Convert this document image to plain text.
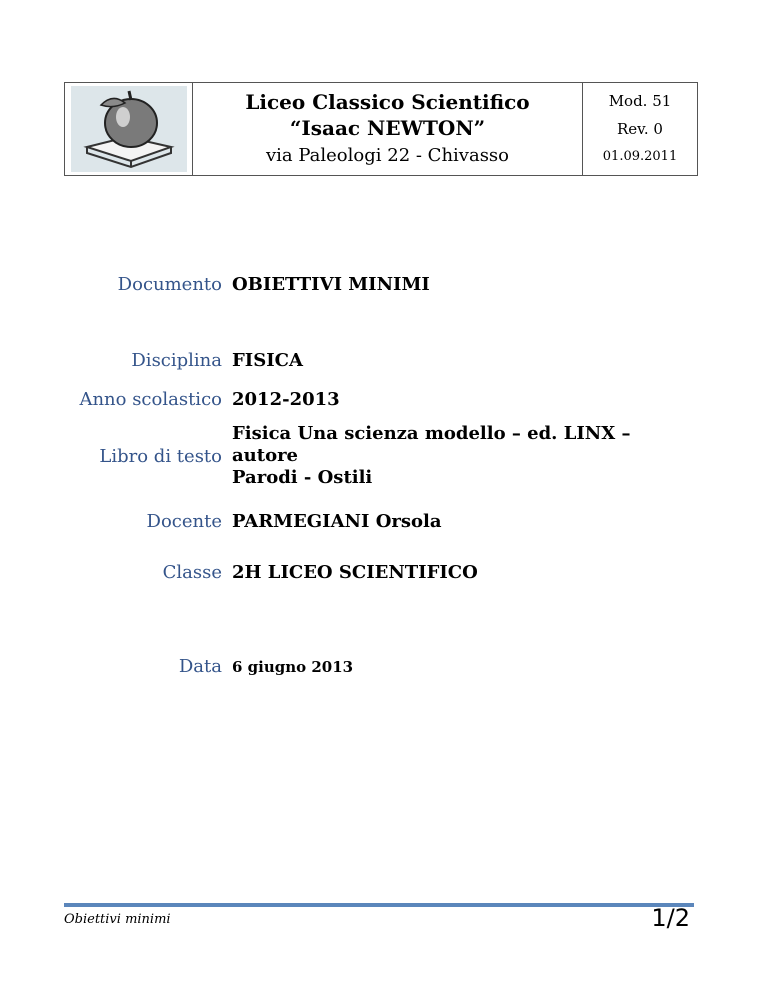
Liceo Classico Scientifico
“Isaac NEWTON”
via Paleologi 22 - Chivasso
Mod. 51
Rev. 0
01.09.2011
Documento OBIETTIVI MINIMI
Disciplina FISICA
Anno scolastico 2012-2013
Libro di testo
Fisica Una scienza modello – ed. LINX – autore
Parodi - Ostili
Docente PARMEGIANI Orsola
Classe 2H LICEO SCIENTIFICO
Data 6 giugno 2013
Obiettivi minimi	1/2
